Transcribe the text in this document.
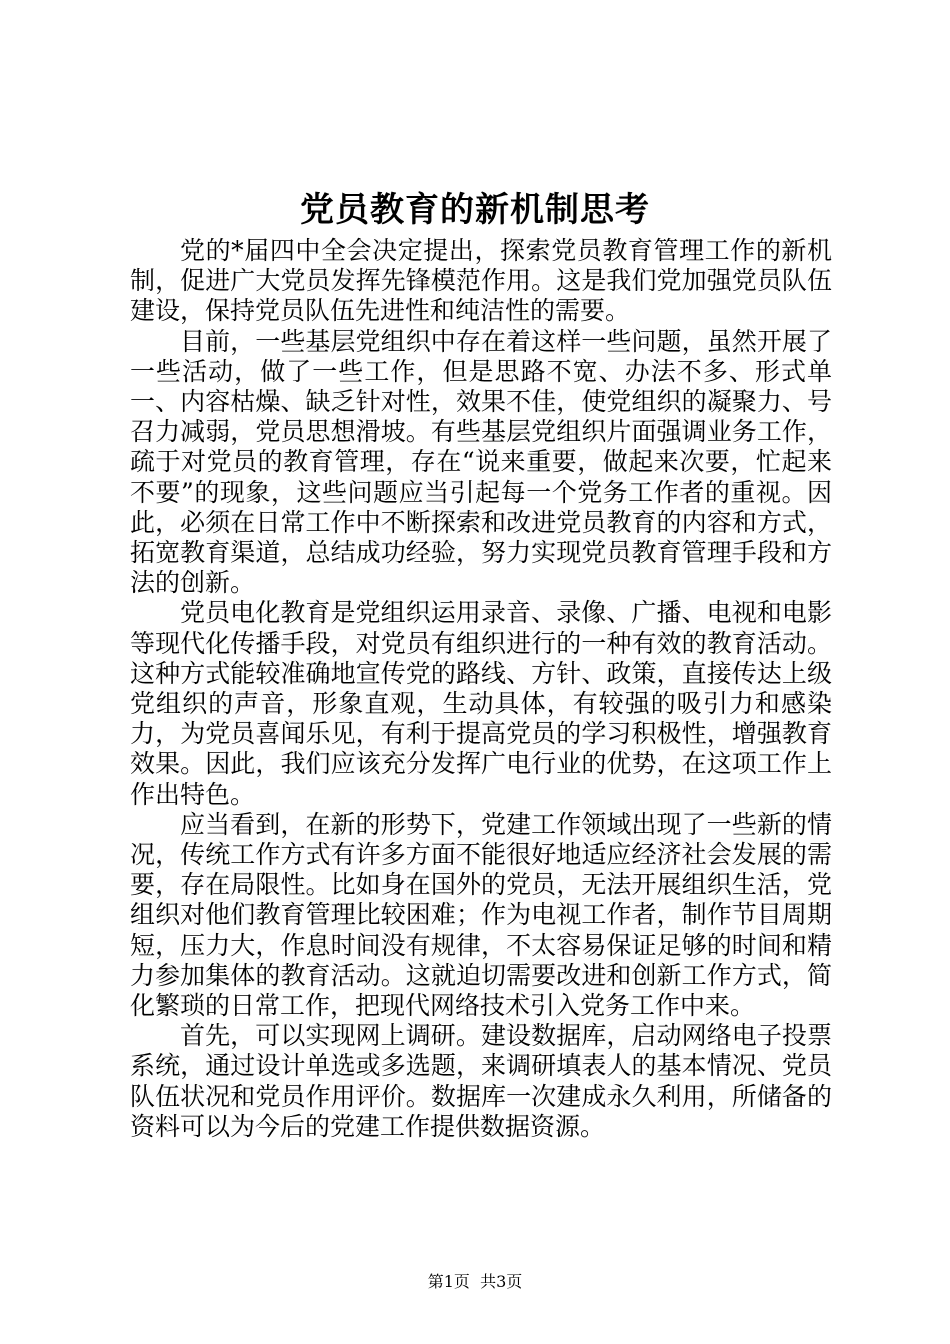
党员教育的新机制思考

党的*届四中全会决定提出，探索党员教育管理工作的新机制，促进广大党员发挥先锋模范作用。这是我们党加强党员队伍建设，保持党员队伍先进性和纯洁性的需要。

目前，一些基层党组织中存在着这样一些问题，虽然开展了一些活动，做了一些工作，但是思路不宽、办法不多、形式单一、内容枯燥、缺乏针对性，效果不佳，使党组织的凝聚力、号召力减弱，党员思想滑坡。有些基层党组织片面强调业务工作，疏于对党员的教育管理，存在“说来重要，做起来次要，忙起来不要”的现象，这些问题应当引起每一个党务工作者的重视。因此，必须在日常工作中不断探索和改进党员教育的内容和方式，拓宽教育渠道，总结成功经验，努力实现党员教育管理手段和方法的创新。

党员电化教育是党组织运用录音、录像、广播、电视和电影等现代化传播手段，对党员有组织进行的一种有效的教育活动。这种方式能较准确地宣传党的路线、方针、政策，直接传达上级党组织的声音，形象直观，生动具体，有较强的吸引力和感染力，为党员喜闻乐见，有利于提高党员的学习积极性，增强教育效果。因此，我们应该充分发挥广电行业的优势，在这项工作上作出特色。

应当看到，在新的形势下，党建工作领域出现了一些新的情况，传统工作方式有许多方面不能很好地适应经济社会发展的需要，存在局限性。比如身在国外的党员，无法开展组织生活，党组织对他们教育管理比较困难；作为电视工作者，制作节目周期短，压力大，作息时间没有规律，不太容易保证足够的时间和精力参加集体的教育活动。这就迫切需要改进和创新工作方式，简化繁琐的日常工作，把现代网络技术引入党务工作中来。

首先，可以实现网上调研。建设数据库，启动网络电子投票系统，通过设计单选或多选题，来调研填表人的基本情况、党员队伍状况和党员作用评价。数据库一次建成永久利用，所储备的资料可以为今后的党建工作提供数据资源。

第1页 共3页
